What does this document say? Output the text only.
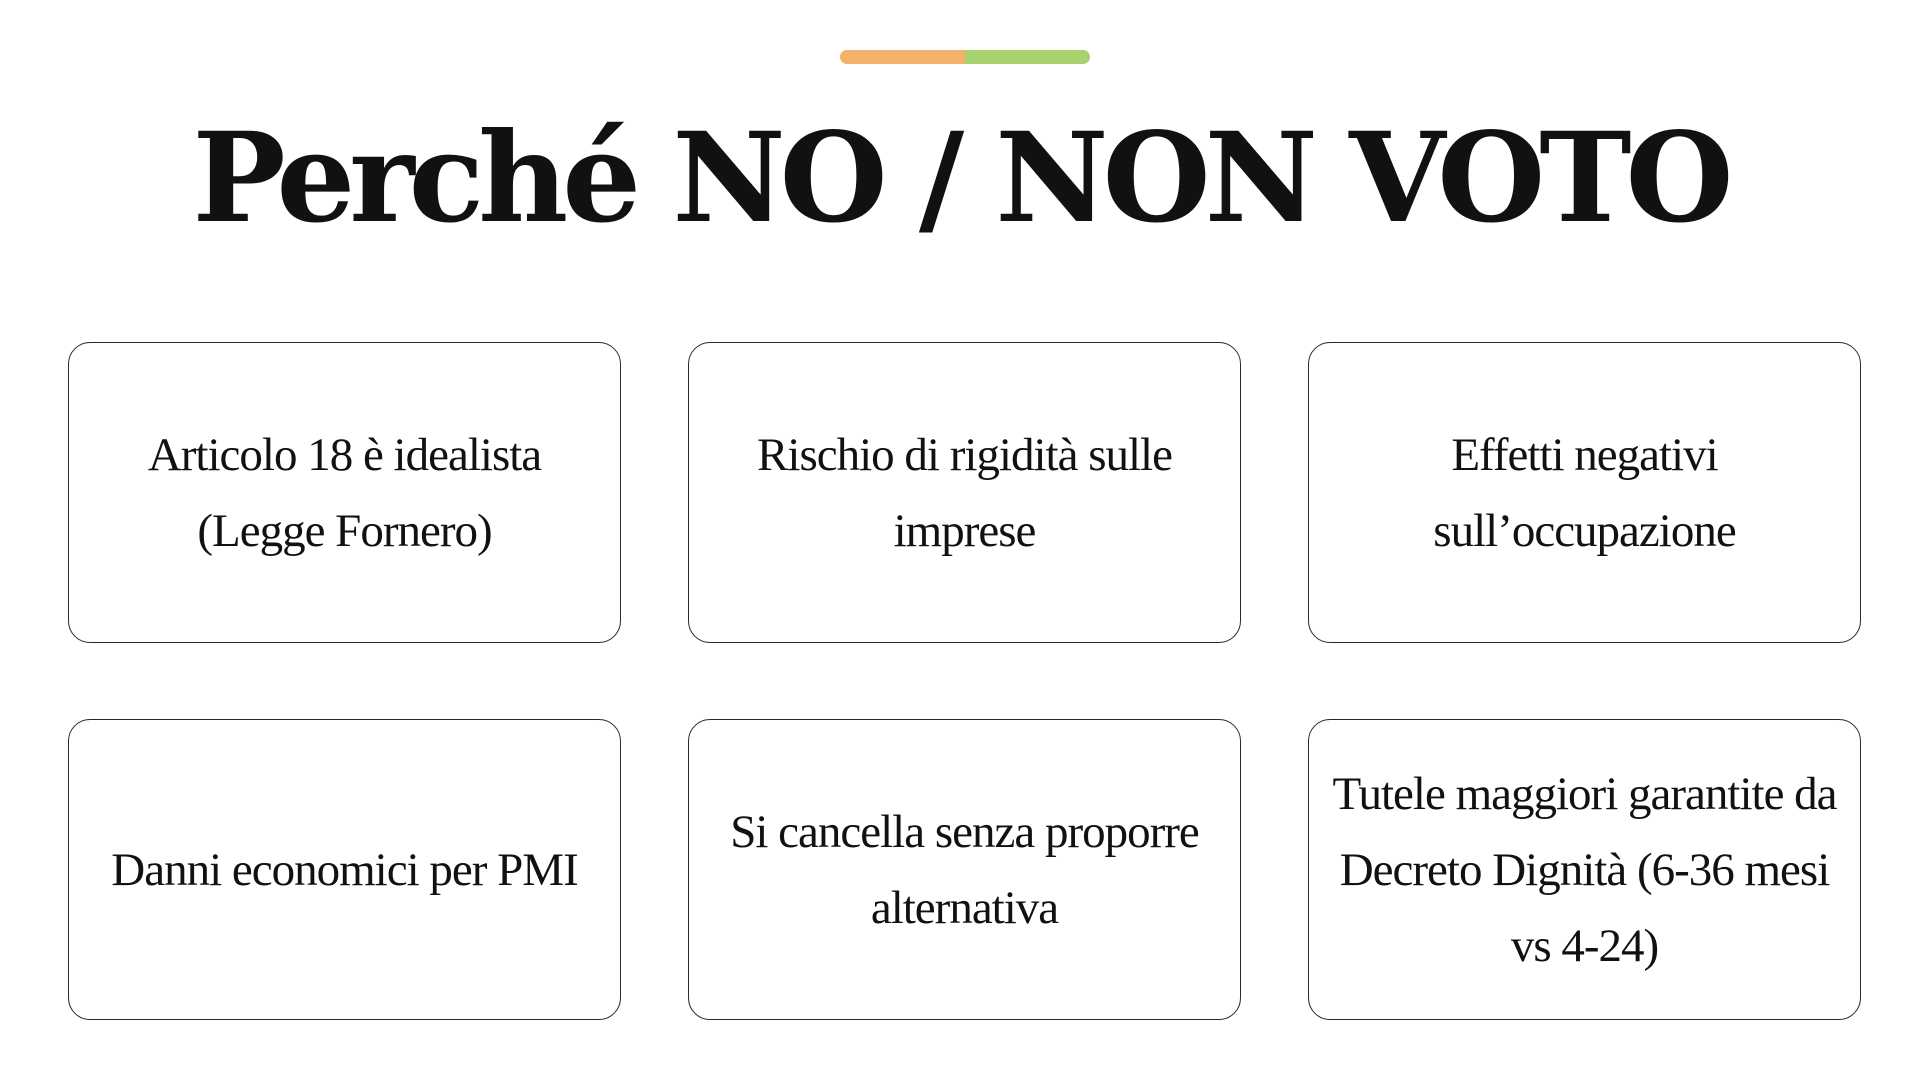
Perché NO / NON VOTO
Articolo 18 è idealista (Legge Fornero)
Rischio di rigidità sulle imprese
Effetti negativi sull’occupazione
Danni economici per PMI
Si cancella senza proporre alternativa
Tutele maggiori garantite da Decreto Dignità (6-36 mesi vs 4-24)
